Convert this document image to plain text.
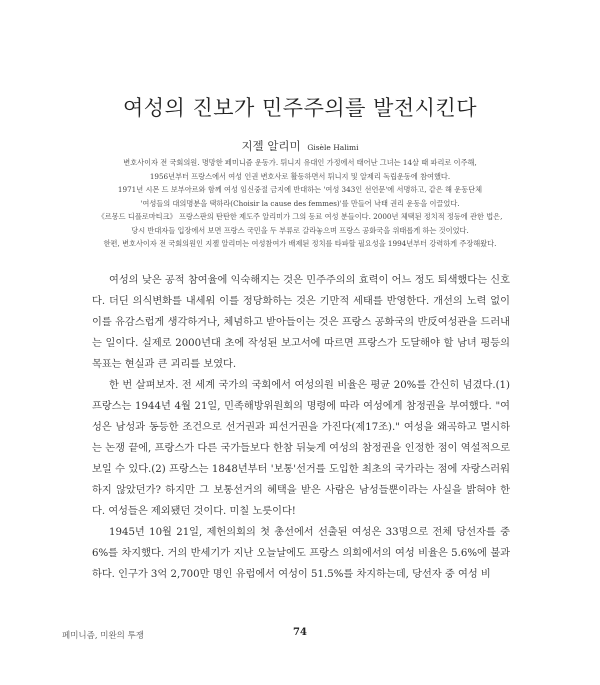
여성의 진보가 민주주의를 발전시킨다
지젤 알리미 Gisèle Halimi

변호사이자 전 국회의원. 명망한 페미니즘 운동가. 튀니지 유대인 가정에서 태어난 그녀는 14살 때 파리로 이주해,

1956년부터 프랑스에서 여성 인권 변호사로 활동하면서 튀니지 및 알제리 독립운동에 참여했다.

1971년 시몬 드 보부아르와 함께 여성 임신중절 금지에 반대하는 '여성 343인 선언문'에 서명하고, 같은 해 운동단체

'여성들의 대의명분을 택하라(Choisir la cause des femmes)'를 만들어 낙태 권리 운동을 이끌었다.

《르몽드 디플로마티크》 프랑스판의 탄탄한 제도주 알리미가 그의 동료 여성 분들이다. 2000년 체택된 정치적 정등에 관한 법은,

당시 반대자들 입장에서 보면 프랑스 국민을 두 부류로 갈라놓으며 프랑스 공화국을 위태롭게 하는 것이었다.

한편, 변호사이자 전 국회의원인 지젤 알리미는 여성참여가 배제된 정치를 타파할 필요성을 1994년부터 강력하게 주장해왔다.

여성의 낮은 공적 참여율에 익숙해지는 것은 민주주의의 효력이 어느 정도 퇴색했다는 신호다. 더딘 의식변화를 내세워 이를 정당화하는 것은 기만적 세태를 반영한다. 개선의 노력 없이 이를 유감스럽게 생각하거나, 체념하고 받아들이는 것은 프랑스 공화국의 반反여성관을 드러내는 일이다. 실제로 2000년대 초에 작성된 보고서에 따르면 프랑스가 도달해야 할 남녀 평등의 목표는 현실과 큰 괴리를 보였다.

한 번 살펴보자. 전 세계 국가의 국회에서 여성의원 비율은 평균 20%를 간신히 넘겼다.(1) 프랑스는 1944년 4월 21일, 민족해방위원회의 명령에 따라 여성에게 참정권을 부여했다. "여성은 남성과 동등한 조건으로 선거권과 피선거권을 가진다(제17조)." 여성을 왜곡하고 멸시하는 논쟁 끝에, 프랑스가 다른 국가들보다 한참 뒤늦게 여성의 참정권을 인정한 점이 역설적으로 보일 수 있다.(2) 프랑스는 1848년부터 '보통'선거를 도입한 최초의 국가라는 점에 자랑스러워하지 않았던가? 하지만 그 보통선거의 혜택을 받은 사람은 남성들뿐이라는 사실을 밝혀야 한다. 여성들은 제외됐던 것이다. 미칠 노릇이다!

1945년 10월 21일, 제헌의회의 첫 총선에서 선출된 여성은 33명으로 전체 당선자를 중 6%를 차지했다. 거의 반세기가 지난 오늘날에도 프랑스 의회에서의 여성 비율은 5.6%에 불과하다. 인구가 3억 2,700만 명인 유럽에서 여성이 51.5%를 차지하는데, 당선자 중 여성 비

페미니즘, 미완의 투쟁	74
